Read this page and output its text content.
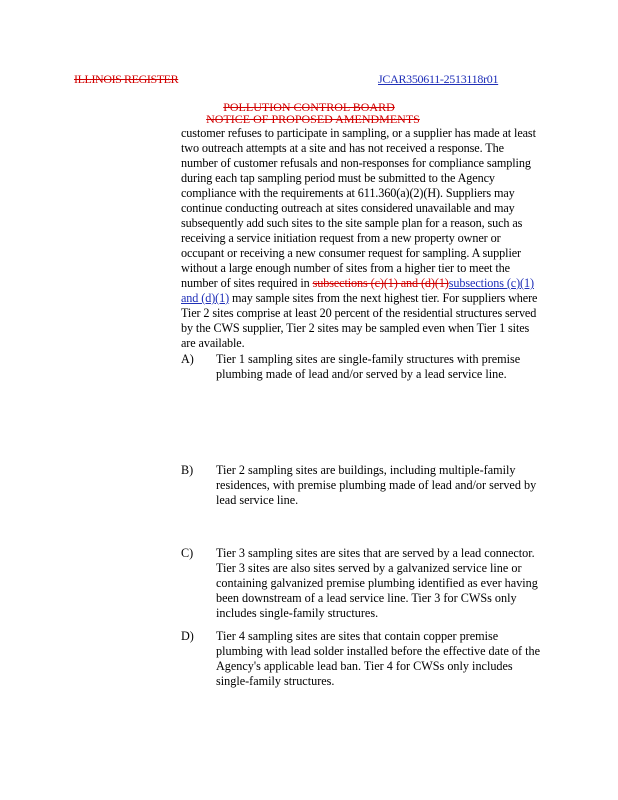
ILLINOIS REGISTER	JCAR350611-2513118r01
POLLUTION CONTROL BOARD
NOTICE OF PROPOSED AMENDMENTS
customer refuses to participate in sampling, or a supplier has made at least
two outreach attempts at a site and has not received a response. The
number of customer refusals and non-responses for compliance sampling
during each tap sampling period must be submitted to the Agency
compliance with the requirements at 611.360(a)(2)(H). Suppliers may
continue conducting outreach at sites considered unavailable and may
subsequently add such sites to the site sample plan for a reason, such as
receiving a service initiation request from a new property owner or
occupant or receiving a new consumer request for sampling. A supplier
without a large enough number of sites from a higher tier to meet the
number of sites required in subsections (c)(1) and (d)(1)subsections (c)(1)
and (d)(1) may sample sites from the next highest tier. For suppliers where
Tier 2 sites comprise at least 20 percent of the residential structures served
by the CWS supplier, Tier 2 sites may be sampled even when Tier 1 sites
are available.
A) Tier 1 sampling sites are single-family structures with premise
plumbing made of lead and/or served by a lead service line.
B) Tier 2 sampling sites are buildings, including multiple-family
residences, with premise plumbing made of lead and/or served by
lead service line.
C) Tier 3 sampling sites are sites that are served by a lead connector.
Tier 3 sites are also sites served by a galvanized service line or
containing galvanized premise plumbing identified as ever having
been downstream of a lead service line. Tier 3 for CWSs only
includes single-family structures.
D) Tier 4 sampling sites are sites that contain copper premise
plumbing with lead solder installed before the effective date of the
Agency's applicable lead ban. Tier 4 for CWSs only includes
single-family structures.
